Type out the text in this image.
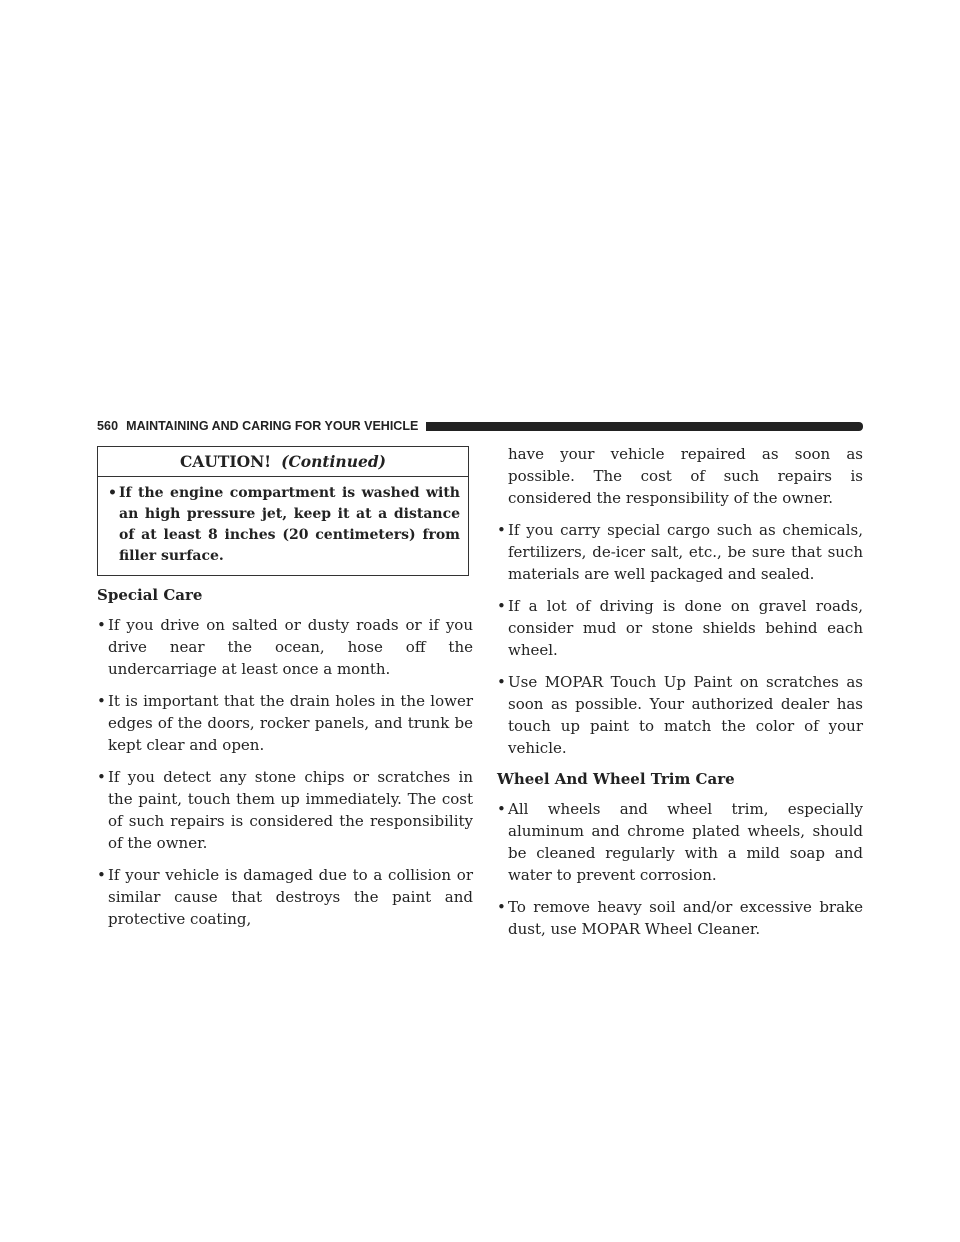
560 MAINTAINING AND CARING FOR YOUR VEHICLE
CAUTION! (Continued)
• If the engine compartment is washed with an high pressure jet, keep it at a distance of at least 8 inches (20 centimeters) from filler surface.
Special Care
• If you drive on salted or dusty roads or if you drive near the ocean, hose off the undercarriage at least once a month.
• It is important that the drain holes in the lower edges of the doors, rocker panels, and trunk be kept clear and open.
• If you detect any stone chips or scratches in the paint, touch them up immediately. The cost of such repairs is considered the responsibility of the owner.
• If your vehicle is damaged due to a collision or similar cause that destroys the paint and protective coating,
have your vehicle repaired as soon as possible. The cost of such repairs is considered the responsibility of the owner.
• If you carry special cargo such as chemicals, fertilizers, de-icer salt, etc., be sure that such materials are well packaged and sealed.
• If a lot of driving is done on gravel roads, consider mud or stone shields behind each wheel.
• Use MOPAR Touch Up Paint on scratches as soon as possible. Your authorized dealer has touch up paint to match the color of your vehicle.
Wheel And Wheel Trim Care
• All wheels and wheel trim, especially aluminum and chrome plated wheels, should be cleaned regularly with a mild soap and water to prevent corrosion.
• To remove heavy soil and/or excessive brake dust, use MOPAR Wheel Cleaner.
